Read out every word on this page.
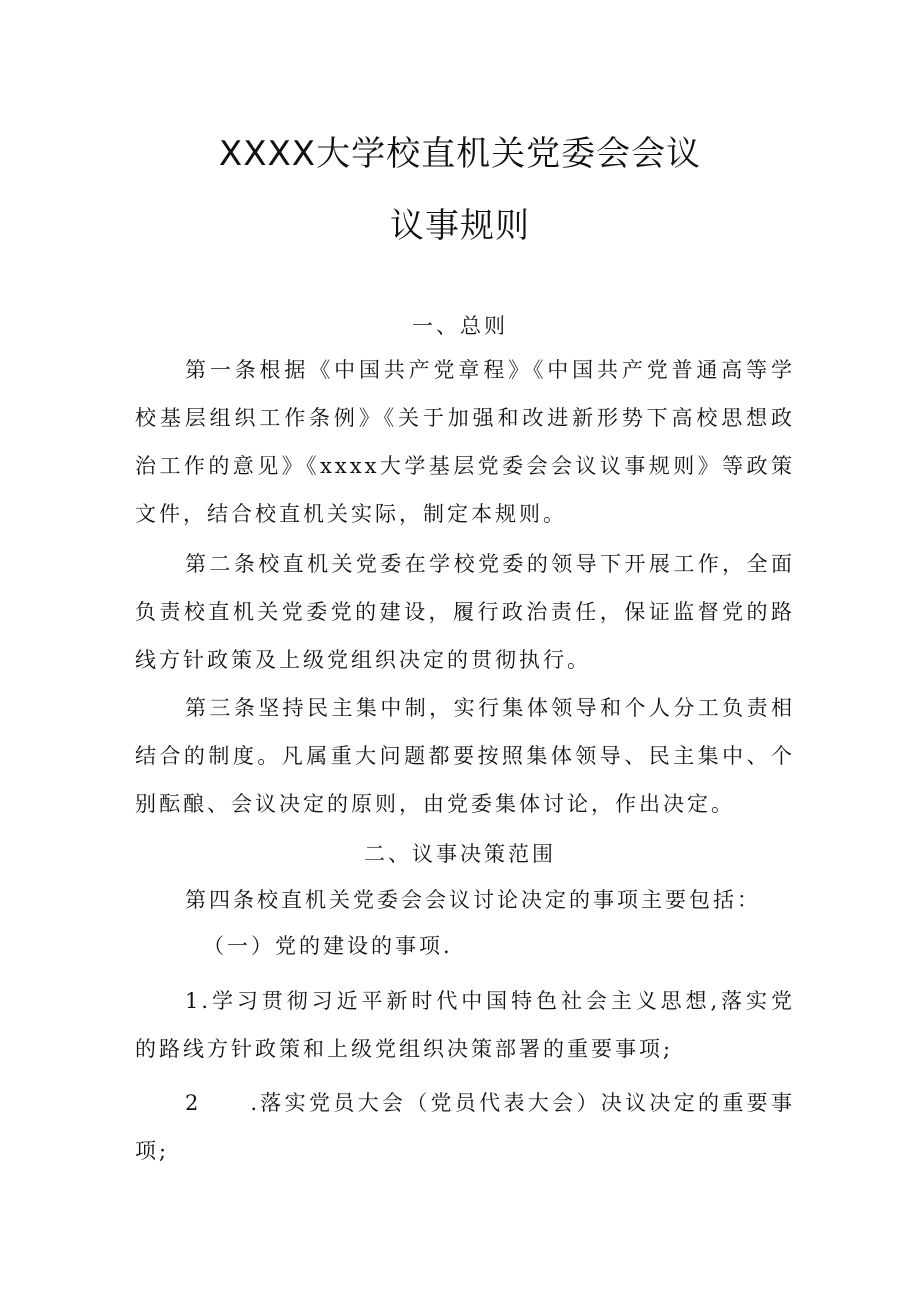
XXXX大学校直机关党委会会议
议事规则
一、总则

第一条根据《中国共产党章程》《中国共产党普通高等学校基层组织工作条例》《关于加强和改进新形势下高校思想政治工作的意见》《xxxx大学基层党委会会议议事规则》等政策文件，结合校直机关实际，制定本规则。

第二条校直机关党委在学校党委的领导下开展工作，全面负责校直机关党委党的建设，履行政治责任，保证监督党的路线方针政策及上级党组织决定的贯彻执行。

第三条坚持民主集中制，实行集体领导和个人分工负责相结合的制度。凡属重大问题都要按照集体领导、民主集中、个别酝酿、会议决定的原则，由党委集体讨论，作出决定。

二、议事决策范围

第四条校直机关党委会会议讨论决定的事项主要包括：

（一）党的建设的事项.

1.学习贯彻习近平新时代中国特色社会主义思想,落实党的路线方针政策和上级党组织决策部署的重要事项;

2　　.落实党员大会（党员代表大会）决议决定的重要事项;
